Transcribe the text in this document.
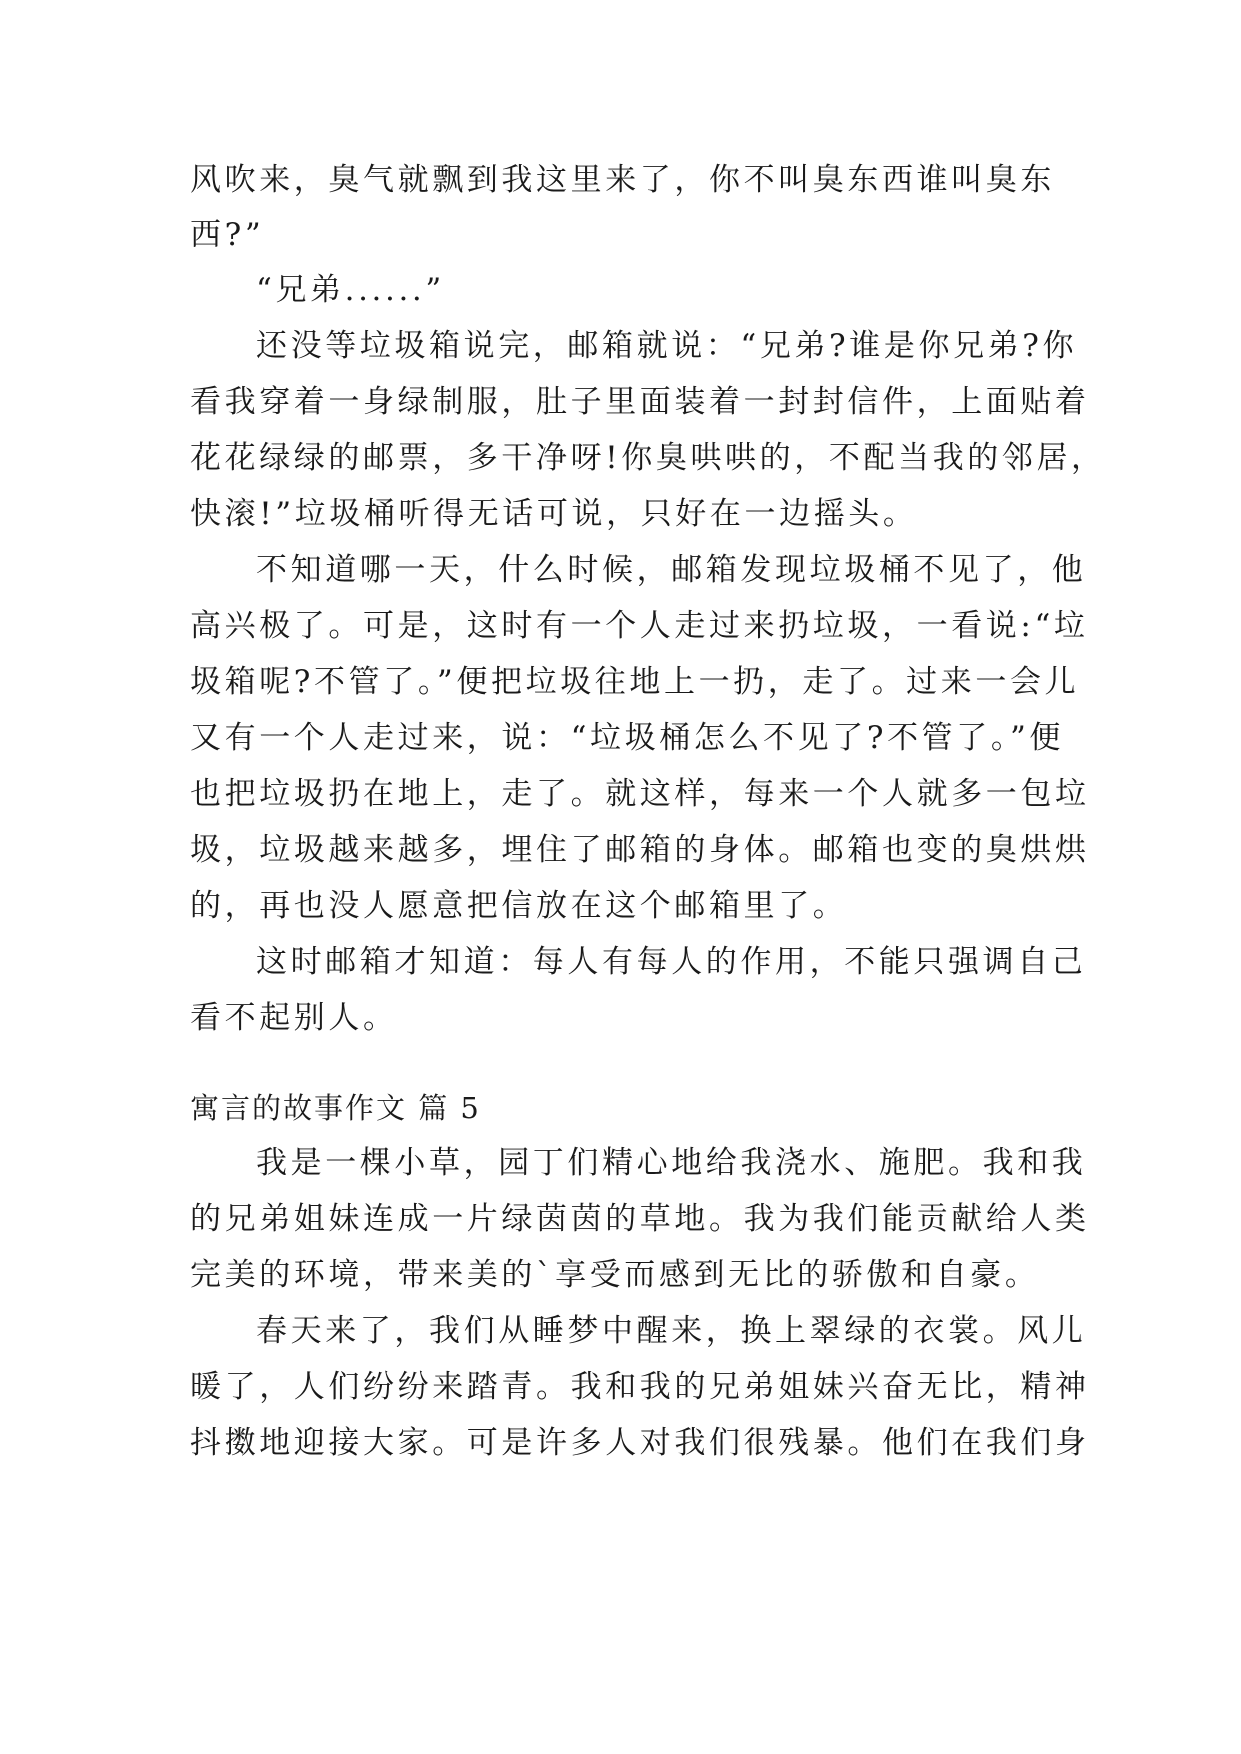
风吹来，臭气就飘到我这里来了，你不叫臭东西谁叫臭东
西?”
“兄弟......”
还没等垃圾箱说完，邮箱就说：“兄弟?谁是你兄弟?你
看我穿着一身绿制服，肚子里面装着一封封信件，上面贴着
花花绿绿的邮票，多干净呀!你臭哄哄的，不配当我的邻居，
快滚!”垃圾桶听得无话可说，只好在一边摇头。
不知道哪一天，什么时候，邮箱发现垃圾桶不见了，他
高兴极了。可是，这时有一个人走过来扔垃圾，一看说:“垃
圾箱呢?不管了。”便把垃圾往地上一扔，走了。过来一会儿
又有一个人走过来，说：“垃圾桶怎么不见了?不管了。”便
也把垃圾扔在地上，走了。就这样，每来一个人就多一包垃
圾，垃圾越来越多，埋住了邮箱的身体。邮箱也变的臭烘烘
的，再也没人愿意把信放在这个邮箱里了。
这时邮箱才知道：每人有每人的作用，不能只强调自己
看不起别人。
寓言的故事作文 篇 5
我是一棵小草，园丁们精心地给我浇水、施肥。我和我
的兄弟姐妹连成一片绿茵茵的草地。我为我们能贡献给人类
完美的环境，带来美的`享受而感到无比的骄傲和自豪。
春天来了，我们从睡梦中醒来，换上翠绿的衣裳。风儿
暖了，人们纷纷来踏青。我和我的兄弟姐妹兴奋无比，精神
抖擞地迎接大家。可是许多人对我们很残暴。他们在我们身
